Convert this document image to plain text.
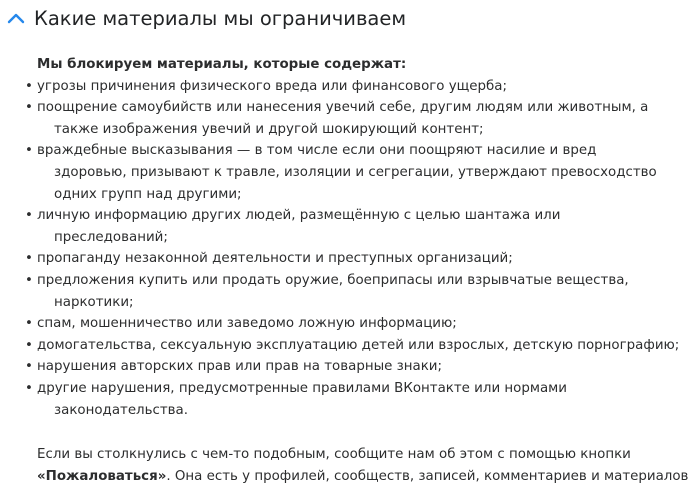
Какие материалы мы ограничиваем

Мы блокируем материалы, которые содержат:

• угрозы причинения физического вреда или финансового ущерба;
• поощрение самоубийств или нанесения увечий себе, другим людям или животным, а
также изображения увечий и другой шокирующий контент;
• враждебные высказывания — в том числе если они поощряют насилие и вред
здоровью, призывают к травле, изоляции и сегрегации, утверждают превосходство
одних групп над другими;
• личную информацию других людей, размещённую с целью шантажа или
преследований;
• пропаганду незаконной деятельности и преступных организаций;
• предложения купить или продать оружие, боеприпасы или взрывчатые вещества,
наркотики;
• спам, мошенничество или заведомо ложную информацию;
• домогательства, сексуальную эксплуатацию детей или взрослых, детскую порнографию;
• нарушения авторских прав или прав на товарные знаки;
• другие нарушения, предусмотренные правилами ВКонтакте или нормами
законодательства.
Если вы столкнулись с чем-то подобным, сообщите нам об этом с помощью кнопки
«Пожаловаться». Она есть у профилей, сообществ, записей, комментариев и материалов
